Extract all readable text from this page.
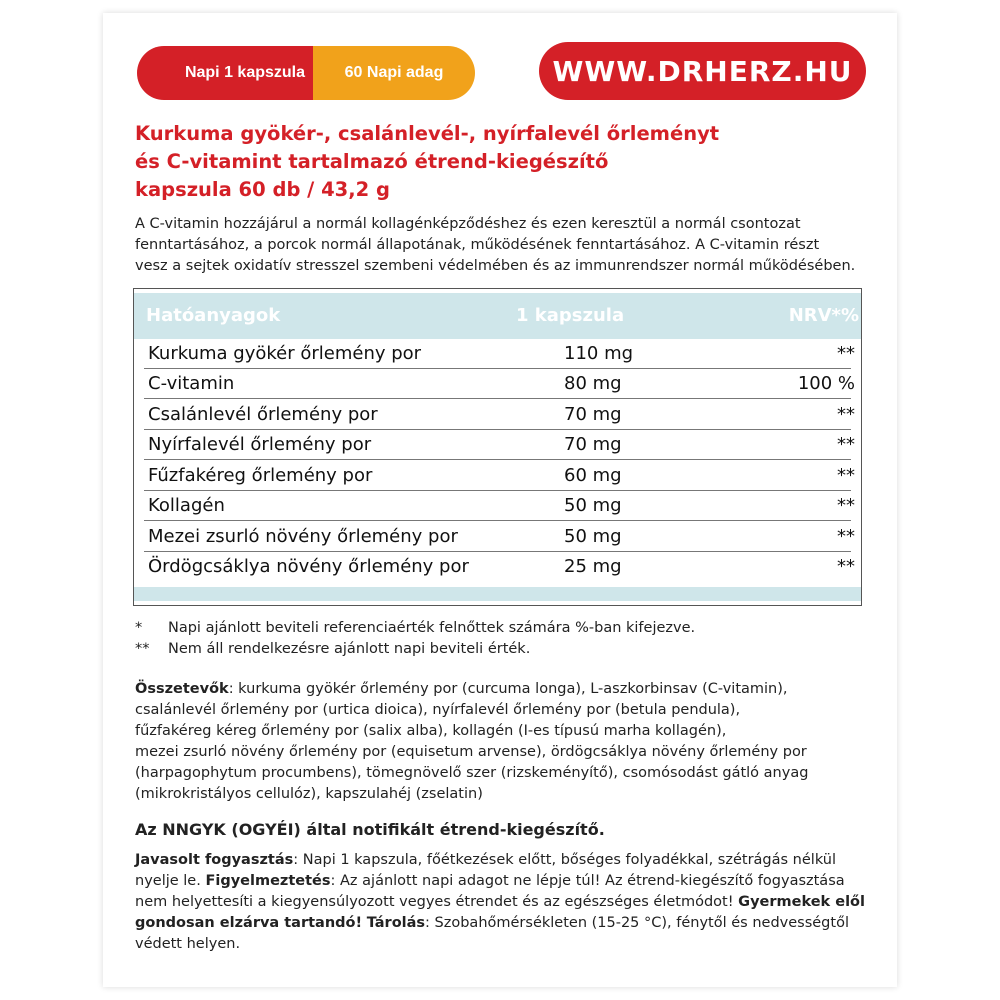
Napi 1 kapszula	60 Napi adag	WWW.DRHERZ.HU
Kurkuma gyökér-, csalánlevél-, nyírfalevél őrleményt
és C-vitamint tartalmazó étrend-kiegészítő
kapszula 60 db / 43,2 g
A C-vitamin hozzájárul a normál kollagénképződéshez és ezen keresztül a normál csontozat
fenntartásához, a porcok normál állapotának, működésének fenntartásához. A C-vitamin részt
vesz a sejtek oxidatív stresszel szembeni védelmében és az immunrendszer normál működésében.
Hatóanyagok	1 kapszula	NRV*%
Kurkuma gyökér őrlemény por	110 mg	**
C-vitamin	80 mg	100 %
Csalánlevél őrlemény por	70 mg	**
Nyírfalevél őrlemény por	70 mg	**
Fűzfakéreg őrlemény por	60 mg	**
Kollagén	50 mg	**
Mezei zsurló növény őrlemény por	50 mg	**
Ördögcsáklya növény őrlemény por	25 mg	**
* Napi ajánlott beviteli referenciaérték felnőttek számára %-ban kifejezve.
** Nem áll rendelkezésre ajánlott napi beviteli érték.
Összetevők: kurkuma gyökér őrlemény por (curcuma longa), L-aszkorbinsav (C-vitamin),
csalánlevél őrlemény por (urtica dioica), nyírfalevél őrlemény por (betula pendula),
fűzfakéreg kéreg őrlemény por (salix alba), kollagén (I-es típusú marha kollagén),
mezei zsurló növény őrlemény por (equisetum arvense), ördögcsáklya növény őrlemény por
(harpagophytum procumbens), tömegnövelő szer (rizskeményítő), csomósodást gátló anyag
(mikrokristályos cellulóz), kapszulahéj (zselatin)
Az NNGYK (OGYÉI) által notifikált étrend-kiegészítő.
Javasolt fogyasztás: Napi 1 kapszula, főétkezések előtt, bőséges folyadékkal, szétrágás nélkül
nyelje le. Figyelmeztetés: Az ajánlott napi adagot ne lépje túl! Az étrend-kiegészítő fogyasztása
nem helyettesíti a kiegyensúlyozott vegyes étrendet és az egészséges életmódot! Gyermekek elől
gondosan elzárva tartandó! Tárolás: Szobahőmérsékleten (15-25 °C), fénytől és nedvességtől
védett helyen.
